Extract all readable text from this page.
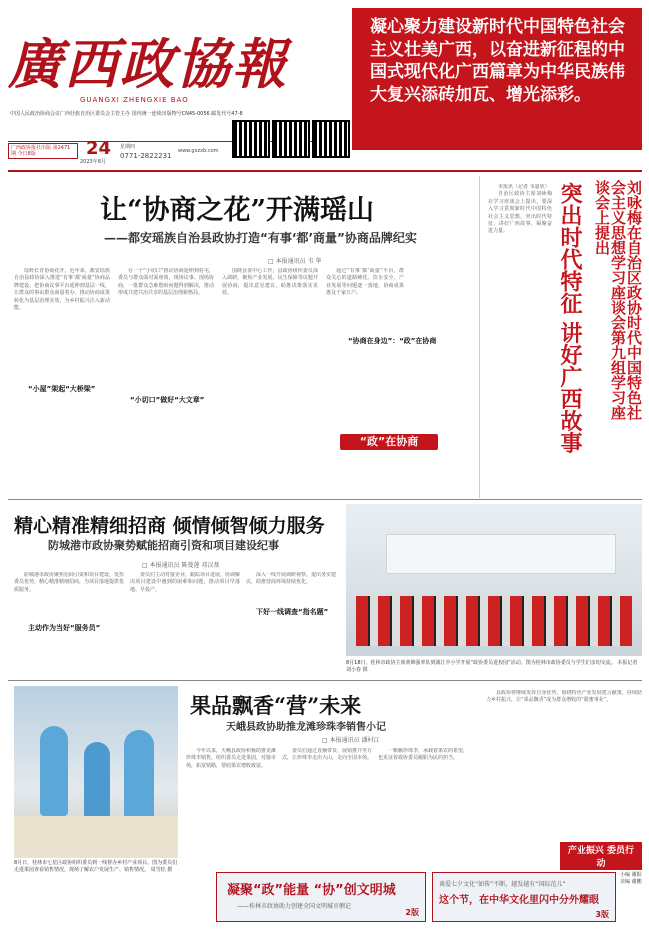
廣西政協報
GUANGXI ZHENGXIE BAO
中国人民政治协商会议广西壮族自治区委员会主管主办 国内统一连续出版物号CN45-0056 邮发代号47-8
广西政协报社出版 第2471期 今日8版
2023年8月
24 星期四
0771-2822231
www.gxzxb.com
凝心聚力建设新时代中国特色社会主义壮美广西，以奋进新征程的中国式现代化广西篇章为中华民族伟大复兴添砖加瓦、增光添彩。
让“协商之花”开满瑶山
——都安瑶族自治县政协打造“有事‘都’商量”协商品牌纪实
□ 本报通讯员 韦 华

瑶岭长青协商花开。近年来，都安瑶族自治县政协深入推进“有事‘都’商量”协商品牌建设，把协商议事平台延伸到基层一线，让群众的事由群众商量着办，推动协商成果转化为基层治理实效，为乡村振兴注入新动能。

“小屋”架起“大桥梁”

在一个“小切口”推动协商延伸到村屯，委员与群众面对面座谈，现场议事、现场协商，一批群众急难愁盼问题得到解决，推动形成共建共治共享的基层治理新格局。

“小切口”做好“大文章”

围绕县委中心工作，县政协组织委员深入调研，聚焦产业发展、民生保障等议题开展协商，提出意见建议，助推决策落实见效。

通过“有事‘都’商量”平台，群众关心的道路硬化、饮水安全、产业发展等问题逐一落地，协商成果惠及千家万户。

“协商在身边”：“政”在协商
“政”在协商
刘咏梅在自治区政协时代中国特色社会主义思想学习座谈会第九组学习座谈会上提出
突出时代特征 讲好广西故事

本报讯（记者 韦嘉欣）

自治区政协主席刘咏梅在学习座谈会上提出，要深入学习贯彻新时代中国特色社会主义思想，突出时代特征，讲好广西故事，凝聚奋进力量。

精心精准精细招商 倾情倾智倾力服务
防城港市政协聚势赋能招商引资和项目建设纪事
□ 本报通讯员 陈曼莲 邓汉基

防城港市政协聚焦招商引资和项目建设，发挥委员优势，精心精准精细招商，为项目落地提供优质服务。

主动作为当好“服务员”

委员们主动对接企业，跟踪项目进展，协调解决项目建设中遇到的困难和问题，推动项目早落地、早投产。

深入一线开展调研视察，提出务实建议，助推营商环境持续优化。

下好一线调查“指名题”
8月18日，桂林市政协主席黄锦强率队到漓江中小学开展“政协委员进校园”活动。图为桂林市政协委员与学生们亲切交流。 本报记者 刘小春 摄
果品飘香“营”未来
天峨县政协助推龙滩珍珠李销售小记
□ 本报通讯员 潘村江
8月日，桂林市七星区政协组织委员到一线督办乡村产业项目。图为委员们走进果园查看销售情况，现场了解农户发展生产、销售情况。 周雪松 摄

今年以来，天峨县政协积极助推龙滩珍珠李销售，组织委员走进果园，对接市场，拓宽销路，帮助果农增收致富。

委员们通过直播带货、展销推介等方式，让珍珠李走出大山，走向全国市场。

一颗颗珍珠李，承载着果农的希望，也见证着政协委员履职为民的担当。

县政协将继续发挥自身优势，围绕特色产业发展建言献策，持续助力乡村振兴，让“果品飘香”成为群众增收的“甜蜜事业”。

产业振兴 委员行动
凝聚“政”能量 “协”创文明城
——桂林市政协助力创建全国文明城市侧记
2版
谈爱七夕文化“如传”不断，越发越有“国际范儿”
这个节，在中华文化里闪中分外耀眼
3版
小编 谢阳
美编 谢鹏
